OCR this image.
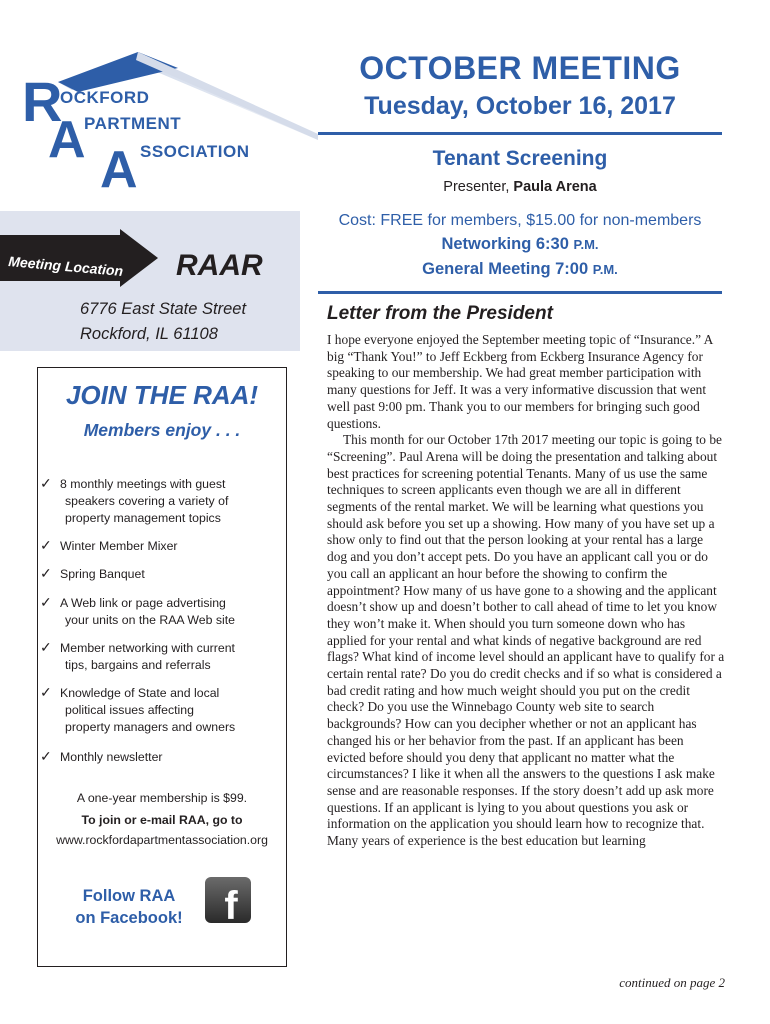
R
A
A
OCKFORD
PARTMENT
SSOCIATION
OCTOBER MEETING
Tuesday, October 16, 2017
Tenant Screening
Presenter, Paula Arena
Cost: FREE for members, $15.00 for non-members
Networking 6:30 P.M.
General Meeting 7:00 P.M.
Meeting Location RAAR
6776 East State Street
Rockford, IL 61108
JOIN THE RAA!
Members enjoy . . .
✓ 8 monthly meetings with guest
speakers covering a variety of
property management topics
✓ Winter Member Mixer
✓ Spring Banquet
✓ A Web link or page advertising
your units on the RAA Web site
✓ Member networking with current
tips, bargains and referrals
✓ Knowledge of State and local
political issues affecting
property managers and owners
✓ Monthly newsletter
A one-year membership is $99.
To join or e-mail RAA, go to
www.rockfordapartmentassociation.org
Follow RAA
on Facebook! f
Letter from the President

I hope everyone enjoyed the September meeting topic of “Insurance.” A big “Thank You!” to Jeff Eckberg from Eckberg Insurance Agency for speaking to our membership. We had great member participation with many questions for Jeff. It was a very informative discussion that went well past 9:00 pm. Thank you to our members for bringing such good questions.

This month for our October 17th 2017 meeting our topic is going to be “Screening”. Paul Arena will be doing the presentation and talking about best practices for screening potential Tenants. Many of us use the same techniques to screen applicants even though we are all in different segments of the rental market. We will be learning what questions you should ask before you set up a showing. How many of you have set up a show only to find out that the person looking at your rental has a large dog and you don’t accept pets. Do you have an applicant call you or do you call an applicant an hour before the showing to confirm the appointment? How many of us have gone to a showing and the applicant doesn’t show up and doesn’t bother to call ahead of time to let you know they won’t make it. When should you turn someone down who has applied for your rental and what kinds of negative background are red flags? What kind of income level should an applicant have to qualify for a certain rental rate? Do you do credit checks and if so what is considered a bad credit rating and how much weight should you put on the credit check? Do you use the Winnebago County web site to search backgrounds? How can you decipher whether or not an applicant has changed his or her behavior from the past. If an applicant has been evicted before should you deny that applicant no matter what the circumstances? I like it when all the answers to the questions I ask make sense and are reasonable responses. If the story doesn’t add up ask more questions. If an applicant is lying to you about questions you ask or information on the application you should learn how to recognize that. Many years of experience is the best education but learning

continued on page 2
